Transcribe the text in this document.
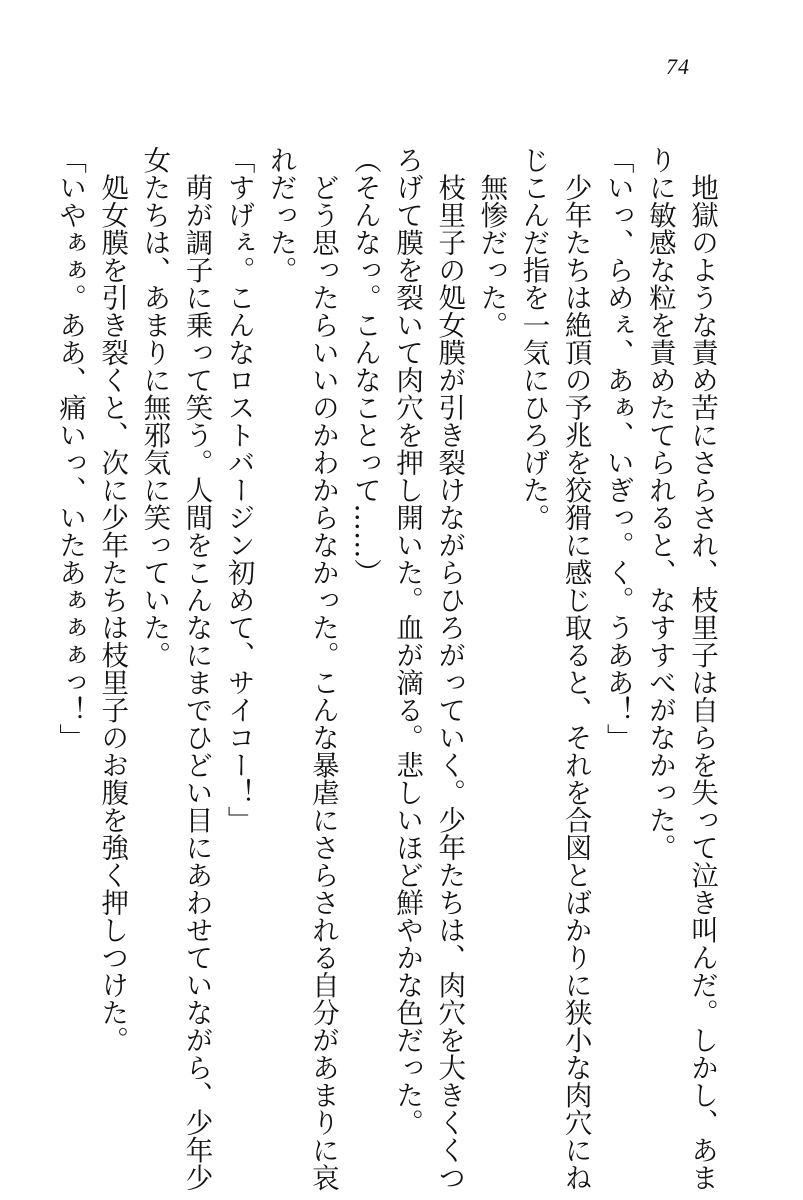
74
　地獄のような責め苦にさらされ、枝里子は自らを失って泣き叫んだ。しかし、あま
りに敏感な粒を責めたてられると、なすすべがなかった。
「いっ、らめぇ、あぁ、いぎっ。く。うああ！」
　少年たちは絶頂の予兆を狡猾に感じ取ると、それを合図とばかりに狭小な肉穴にね
じこんだ指を一気にひろげた。
　無惨だった。
　枝里子の処女膜が引き裂けながらひろがっていく。少年たちは、肉穴を大きくくつ
ろげて膜を裂いて肉穴を押し開いた。血が滴る。悲しいほど鮮やかな色だった。
（そんなっ。こんなことって……）
　どう思ったらいいのかわからなかった。こんな暴虐にさらされる自分があまりに哀
れだった。
「すげぇ。こんなロストバージン初めて、サイコー！」
　萌が調子に乗って笑う。人間をこんなにまでひどい目にあわせていながら、少年少
女たちは、あまりに無邪気に笑っていた。
　処女膜を引き裂くと、次に少年たちは枝里子のお腹を強く押しつけた。
「いやぁぁ。ああ、痛いっ、いたあぁぁぁっ！」
